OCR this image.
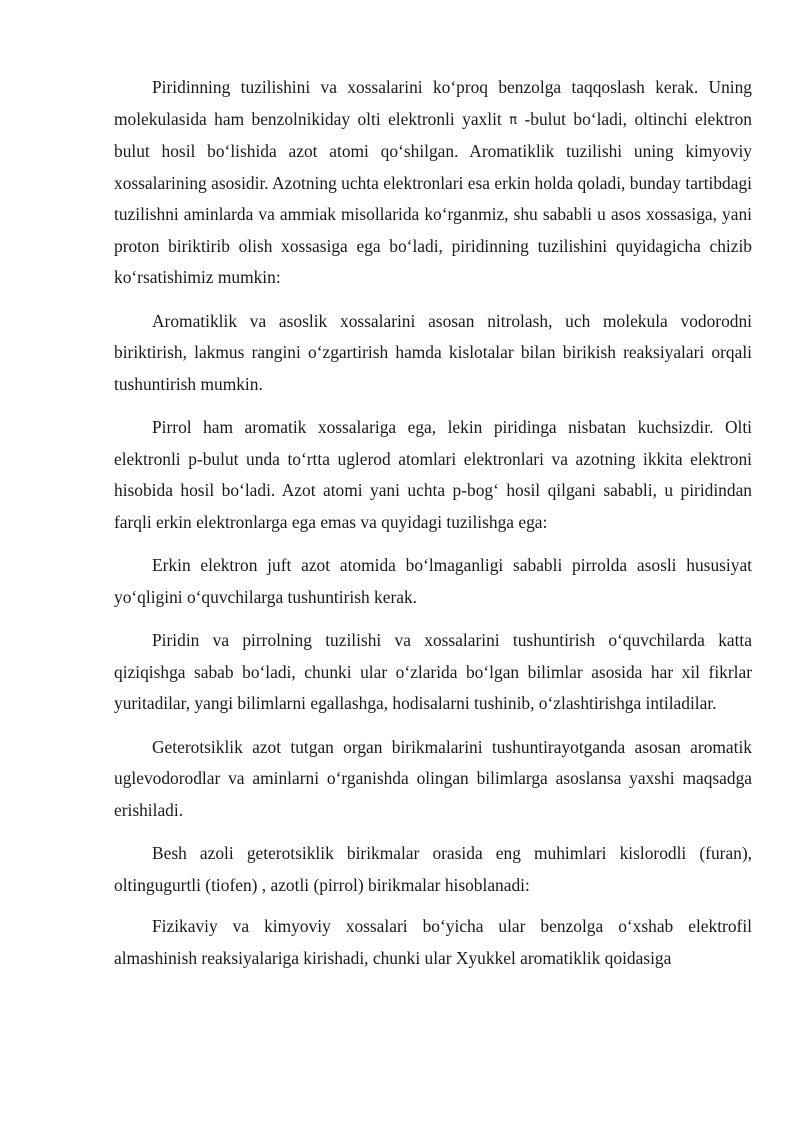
Piridinning tuzilishini va xossalarini ko‘proq benzolga taqqoslash kerak. Uning molekulasida ham benzolnikiday olti elektronli yaxlit π -bulut bo‘ladi, oltinchi elektron bulut hosil bo‘lishida azot atomi qo‘shilgan. Aromatiklik tuzilishi uning kimyoviy xossalarining asosidir. Azotning uchta elektronlari esa erkin holda qoladi, bunday tartibdagi tuzilishni aminlarda va ammiak misollarida ko‘rganmiz, shu sababli u asos xossasiga, yani proton biriktirib olish xossasiga ega bo‘ladi, piridinning tuzilishini quyidagicha chizib ko‘rsatishimiz mumkin:

Aromatiklik va asoslik xossalarini asosan nitrolash, uch molekula vodorodni biriktirish, lakmus rangini o‘zgartirish hamda kislotalar bilan birikish reaksiyalari orqali tushuntirish mumkin.

Pirrol ham aromatik xossalariga ega, lekin piridinga nisbatan kuchsizdir. Olti elektronli p-bulut unda to‘rtta uglerod atomlari elektronlari va azotning ikkita elektroni hisobida hosil bo‘ladi. Azot atomi yani uchta p-bog‘ hosil qilgani sababli, u piridindan farqli erkin elektronlarga ega emas va quyidagi tuzilishga ega:

Erkin elektron juft azot atomida bo‘lmaganligi sababli pirrolda asosli hususiyat yo‘qligini o‘quvchilarga tushuntirish kerak.

Piridin va pirrolning tuzilishi va xossalarini tushuntirish o‘quvchilarda katta qiziqishga sabab bo‘ladi, chunki ular o‘zlarida bo‘lgan bilimlar asosida har xil fikrlar yuritadilar, yangi bilimlarni egallashga, hodisalarni tushinib, o‘zlashtirishga intiladilar.

Geterotsiklik azot tutgan organ birikmalarini tushuntirayotganda asosan aromatik uglevodorodlar va aminlarni o‘rganishda olingan bilimlarga asoslansa yaxshi maqsadga erishiladi.

Besh azoli geterotsiklik birikmalar orasida eng muhimlari kislorodli (furan), oltingugurtli (tiofen) , azotli (pirrol) birikmalar hisoblanadi:

Fizikaviy va kimyoviy xossalari bo‘yicha ular benzolga o‘xshab elektrofil almashinish reaksiyalariga kirishadi, chunki ular Xyukkel aromatiklik qoidasiga
